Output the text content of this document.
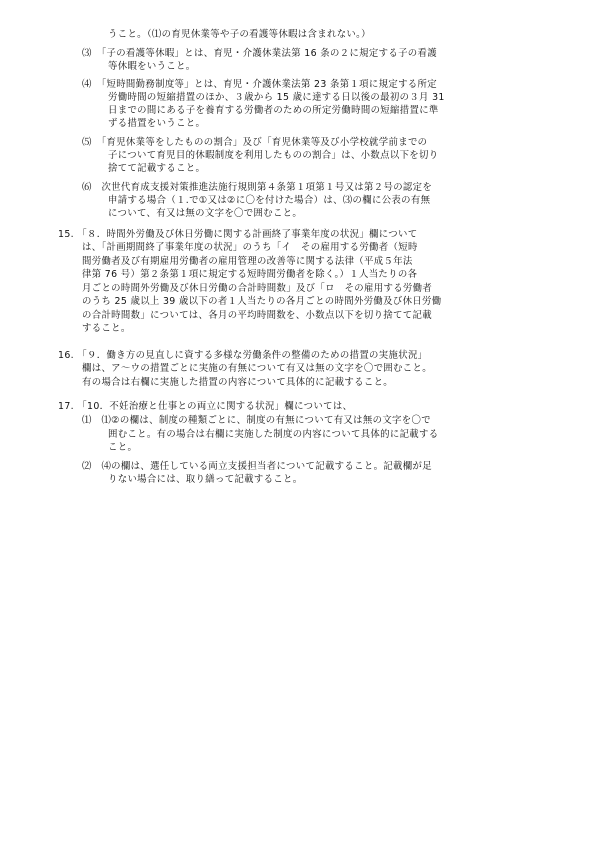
うこと。（⑴の育児休業等や子の看護等休暇は含まれない。）
⑶　「子の看護等休暇」とは、育児・介護休業法第 16 条の２に規定する子の看護
等休暇をいうこと。
⑷　「短時間勤務制度等」とは、育児・介護休業法第 23 条第１項に規定する所定
労働時間の短縮措置のほか、３歳から 15 歳に達する日以後の最初の３月 31
日までの間にある子を養育する労働者のための所定労働時間の短縮措置に準
ずる措置をいうこと。
⑸　「育児休業等をしたものの割合」及び「育児休業等及び小学校就学前までの
子について育児目的休暇制度を利用したものの割合」は、小数点以下を切り
捨てて記載すること。
⑹　次世代育成支援対策推進法施行規則第４条第１項第１号又は第２号の認定を
申請する場合（１.で①又は②に〇を付けた場合）は、⑶の欄に公表の有無
について、有又は無の文字を〇で囲むこと。
15. 「８．時間外労働及び休日労働に関する計画終了事業年度の状況」欄について
は、「計画期間終了事業年度の状況」のうち「イ　その雇用する労働者（短時
間労働者及び有期雇用労働者の雇用管理の改善等に関する法律（平成５年法
律第 76 号）第２条第１項に規定する短時間労働者を除く。）１人当たりの各
月ごとの時間外労働及び休日労働の合計時間数」及び「ロ　その雇用する労働者
のうち 25 歳以上 39 歳以下の者１人当たりの各月ごとの時間外労働及び休日労働
の合計時間数」については、各月の平均時間数を、小数点以下を切り捨てて記載
すること。
16. 「９．働き方の見直しに資する多様な労働条件の整備のための措置の実施状況」
欄は、ア～ウの措置ごとに実施の有無について有又は無の文字を〇で囲むこと。
有の場合は右欄に実施した措置の内容について具体的に記載すること。
17. 「10．不妊治療と仕事との両立に関する状況」欄については、
⑴　⑴②の欄は、制度の種類ごとに、制度の有無について有又は無の文字を〇で
囲むこと。有の場合は右欄に実施した制度の内容について具体的に記載する
こと。
⑵　⑷の欄は、選任している両立支援担当者について記載すること。記載欄が足
りない場合には、取り繕って記載すること。
